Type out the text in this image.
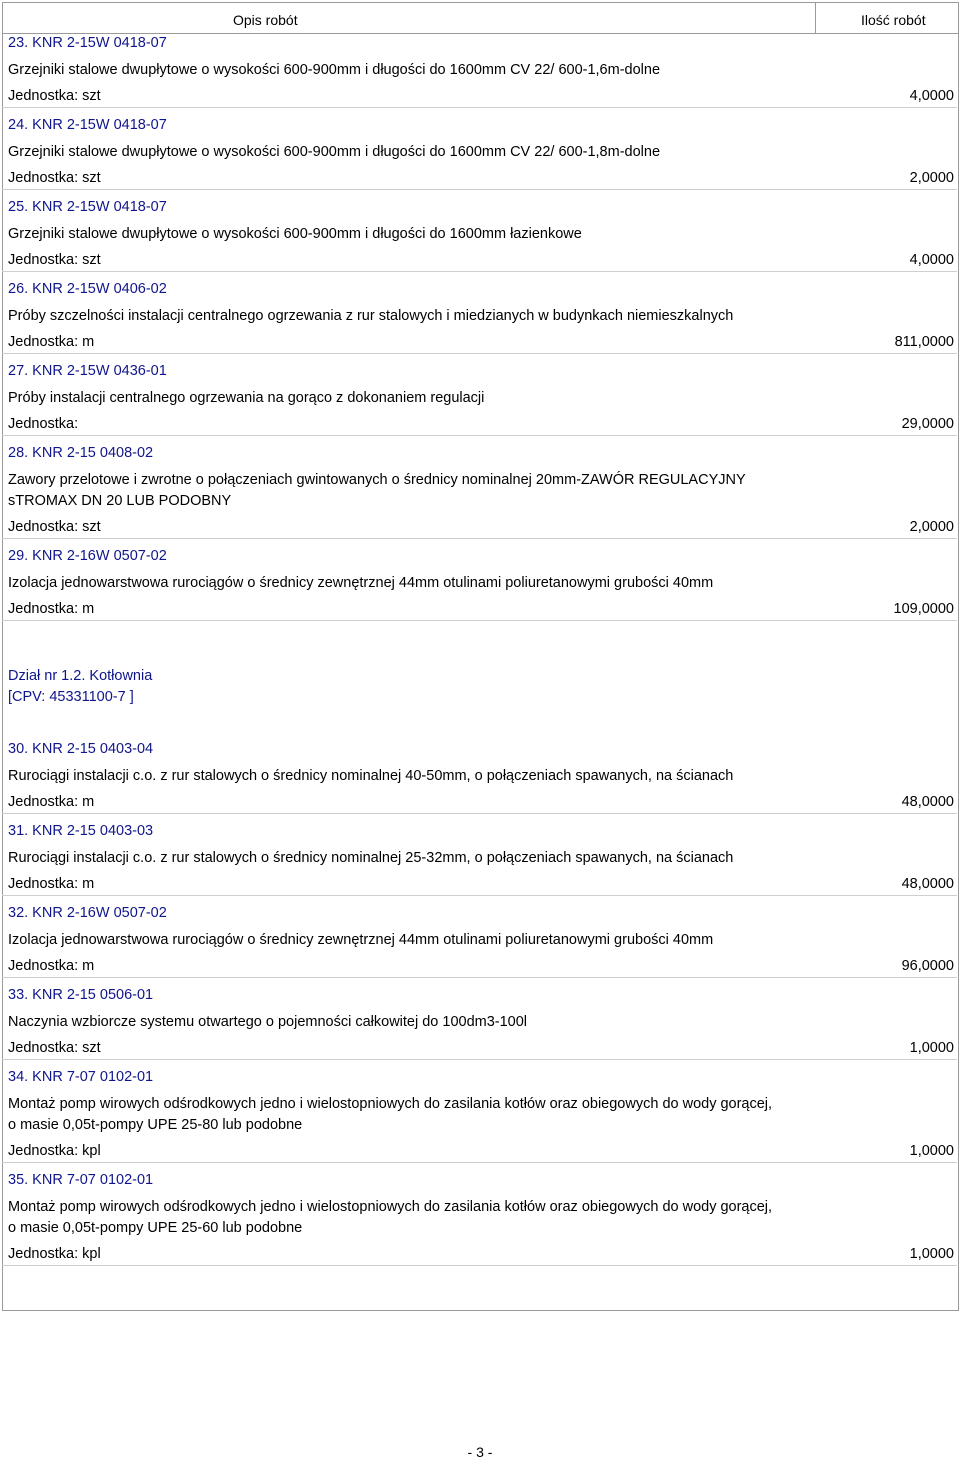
Opis robót	Ilość robót
23. KNR 2-15W 0418-07
Grzejniki stalowe dwupłytowe o wysokości 600-900mm i długości do 1600mm CV 22/ 600-1,6m-dolne
Jednostka: szt	4,0000
24. KNR 2-15W 0418-07
Grzejniki stalowe dwupłytowe o wysokości 600-900mm i długości do 1600mm CV 22/ 600-1,8m-dolne
Jednostka: szt	2,0000
25. KNR 2-15W 0418-07
Grzejniki stalowe dwupłytowe o wysokości 600-900mm i długości do 1600mm łazienkowe
Jednostka: szt	4,0000
26. KNR 2-15W 0406-02
Próby szczelności instalacji centralnego ogrzewania z rur stalowych i miedzianych w budynkach niemieszkalnych
Jednostka: m	811,0000
27. KNR 2-15W 0436-01
Próby instalacji centralnego ogrzewania na gorąco z dokonaniem regulacji
Jednostka:	29,0000
28. KNR 2-15 0408-02
Zawory przelotowe i zwrotne o połączeniach gwintowanych o średnicy nominalnej 20mm-ZAWÓR REGULACYJNY
sTROMAX DN 20 LUB PODOBNY
Jednostka: szt	2,0000
29. KNR 2-16W 0507-02
Izolacja jednowarstwowa rurociągów o średnicy zewnętrznej 44mm otulinami poliuretanowymi grubości 40mm
Jednostka: m	109,0000
Dział nr 1.2. Kotłownia
[CPV: 45331100-7 ]
30. KNR 2-15 0403-04
Rurociągi instalacji c.o. z rur stalowych o średnicy nominalnej 40-50mm, o połączeniach spawanych, na ścianach
Jednostka: m	48,0000
31. KNR 2-15 0403-03
Rurociągi instalacji c.o. z rur stalowych o średnicy nominalnej 25-32mm, o połączeniach spawanych, na ścianach
Jednostka: m	48,0000
32. KNR 2-16W 0507-02
Izolacja jednowarstwowa rurociągów o średnicy zewnętrznej 44mm otulinami poliuretanowymi grubości 40mm
Jednostka: m	96,0000
33. KNR 2-15 0506-01
Naczynia wzbiorcze systemu otwartego o pojemności całkowitej do 100dm3-100l
Jednostka: szt	1,0000
34. KNR 7-07 0102-01
Montaż pomp wirowych odśrodkowych jedno i wielostopniowych do zasilania kotłów oraz obiegowych do wody gorącej,
o masie 0,05t-pompy UPE 25-80 lub podobne
Jednostka: kpl	1,0000
35. KNR 7-07 0102-01
Montaż pomp wirowych odśrodkowych jedno i wielostopniowych do zasilania kotłów oraz obiegowych do wody gorącej,
o masie 0,05t-pompy UPE 25-60 lub podobne
Jednostka: kpl	1,0000
- 3 -
